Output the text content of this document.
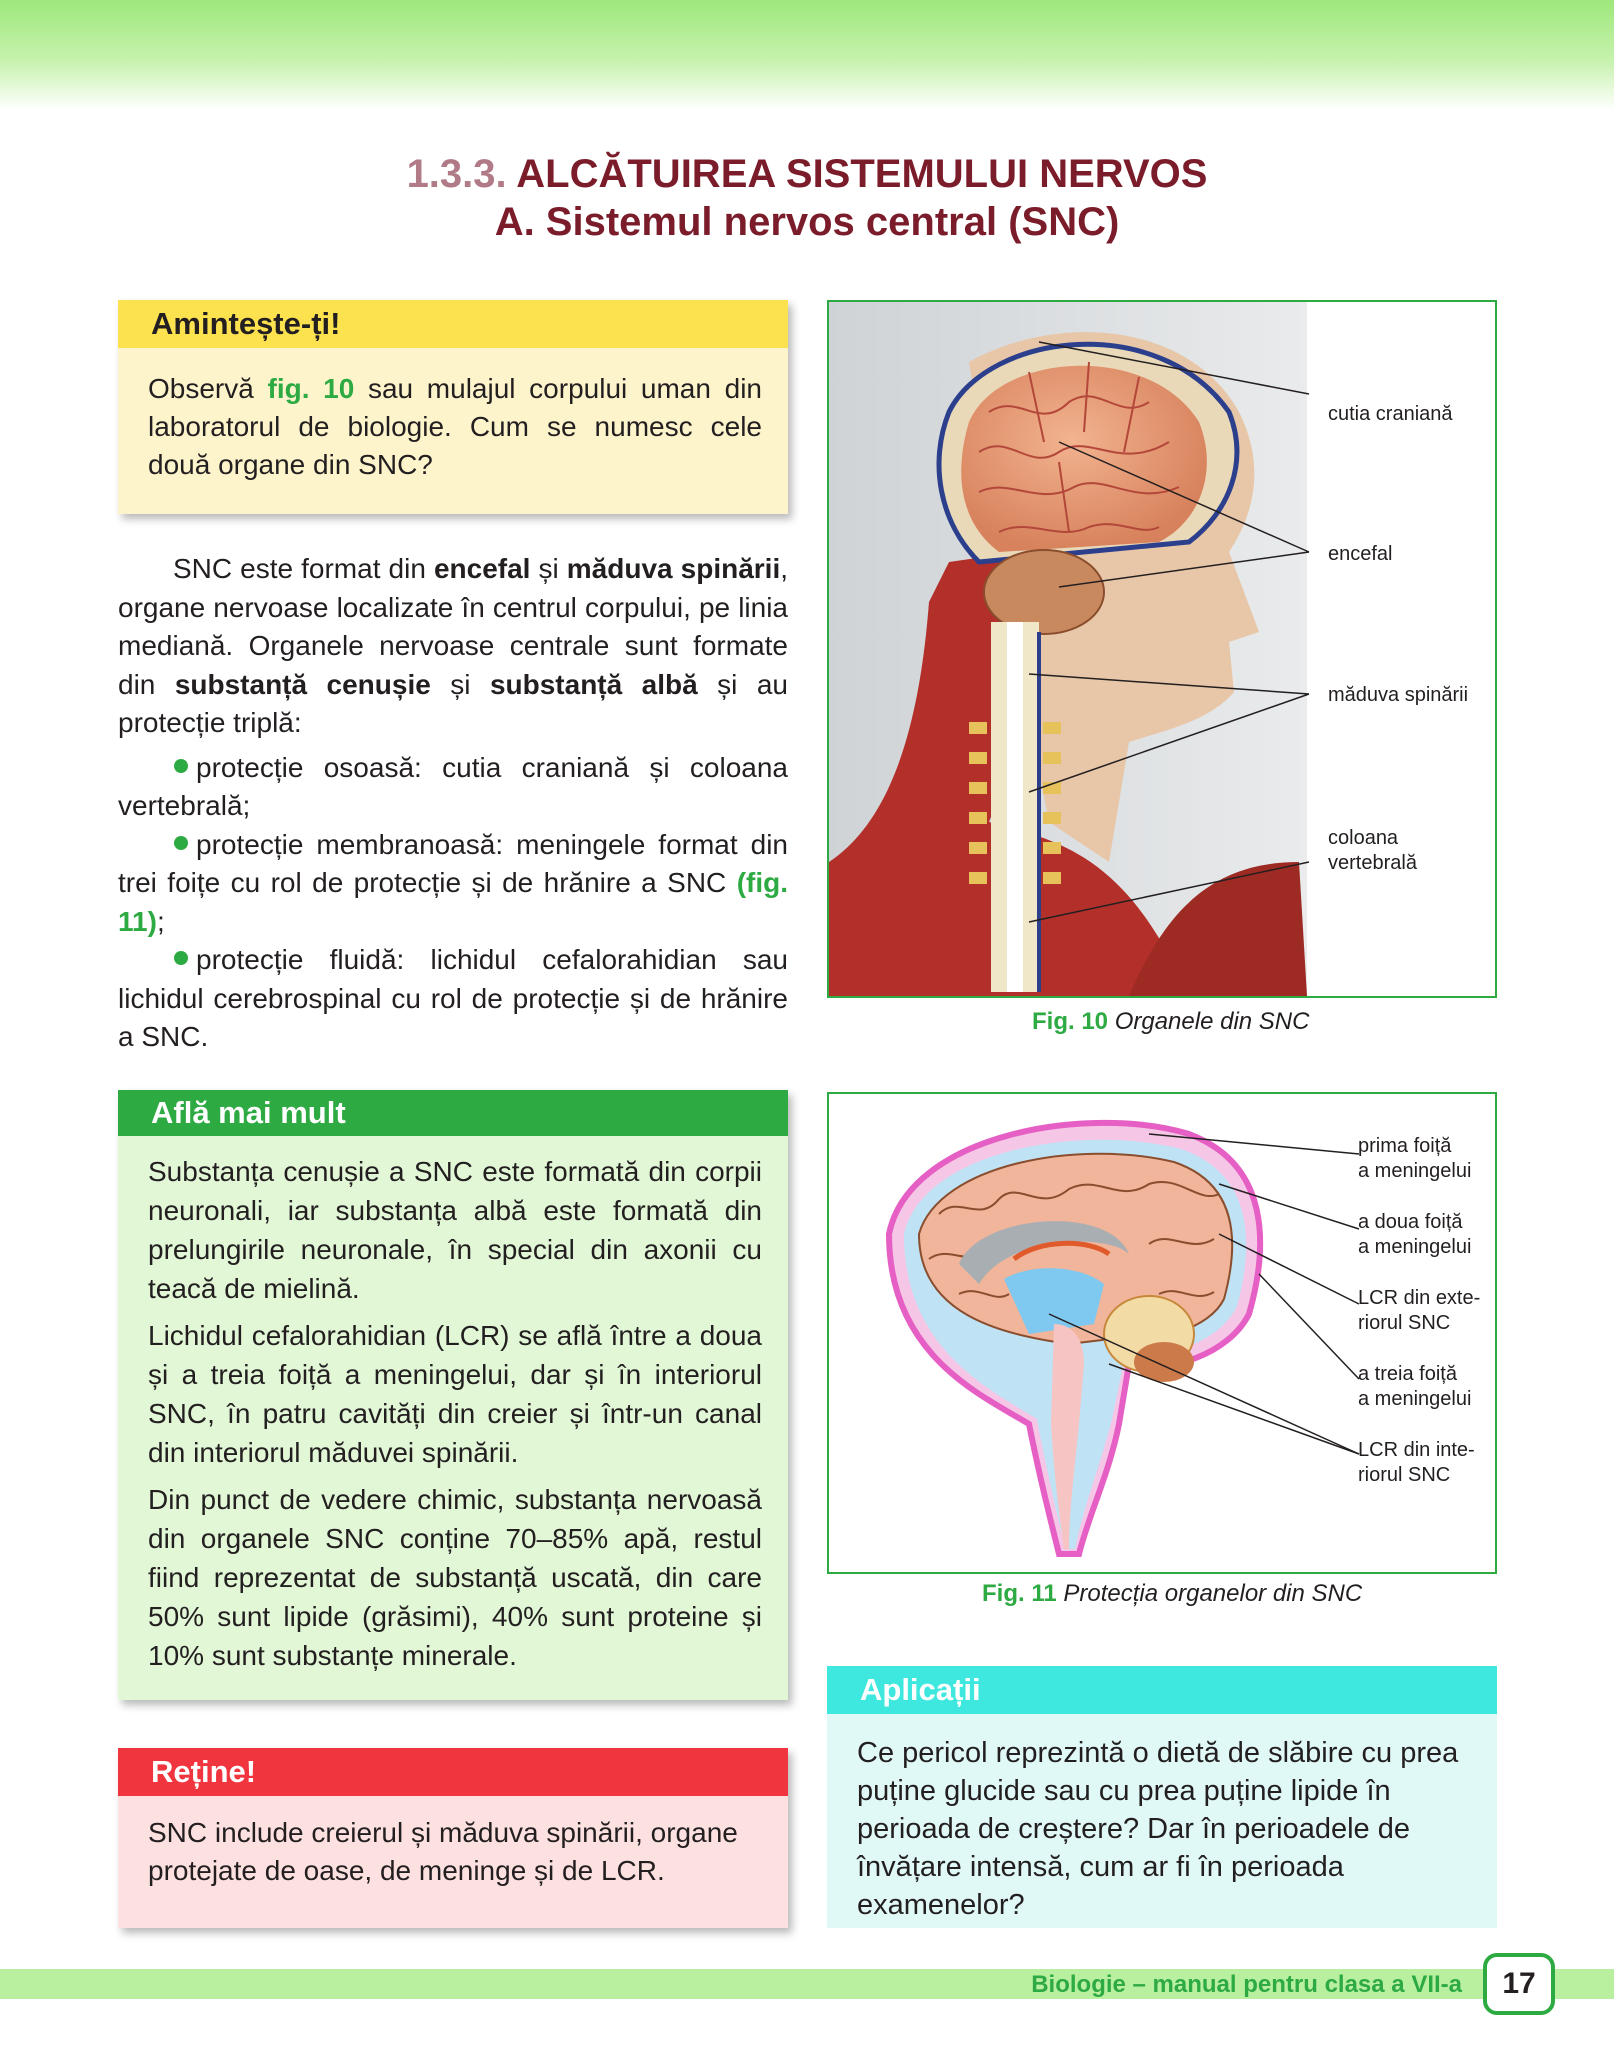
1.3.3. ALCĂTUIREA SISTEMULUI NERVOS
A. Sistemul nervos central (SNC)
Amintește-ți!
Observă fig. 10 sau mulajul corpului uman din laboratorul de biologie. Cum se numesc cele două organe din SNC?

SNC este format din encefal și măduva spinării, organe nervoase localizate în centrul corpului, pe linia mediană. Organele nervoase centrale sunt formate din substanță cenușie și substanță albă și au protecție triplă:

protecție osoasă: cutia craniană și coloana vertebrală;

protecție membranoasă: meningele format din trei foițe cu rol de protecție și de hrănire a SNC (fig. 11);

protecție fluidă: lichidul cefalorahidian sau lichidul cerebrospinal cu rol de protecție și de hrănire a SNC.

cutia craniană
encefal
măduva spinării
coloana
vertebrală
Fig. 10 Organele din SNC
Află mai mult

Substanța cenușie a SNC este formată din corpii neuronali, iar substanța albă este formată din prelungirile neuronale, în special din axonii cu teacă de mielină.

Lichidul cefalorahidian (LCR) se află între a doua și a treia foiță a meningelui, dar și în interiorul SNC, în patru cavități din creier și într-un canal din interiorul măduvei spinării.

Din punct de vedere chimic, substanța nervoasă din organele SNC conține 70–85% apă, restul fiind reprezentat de substanță uscată, din care 50% sunt lipide (grăsimi), 40% sunt proteine și 10% sunt substanțe minerale.

prima foiță
a meningelui
a doua foiță
a meningelui
LCR din exte-
riorul SNC
a treia foiță
a meningelui
LCR din inte-
riorul SNC
Fig. 11 Protecția organelor din SNC
Aplicații
Ce pericol reprezintă o dietă de slăbire cu prea puține glucide sau cu prea puține lipide în perioada de creștere? Dar în perioadele de învățare intensă, cum ar fi în perioada examenelor?
Reține!
SNC include creierul și măduva spinării, organe protejate de oase, de meninge și de LCR.
Biologie – manual pentru clasa a VII-a	17
